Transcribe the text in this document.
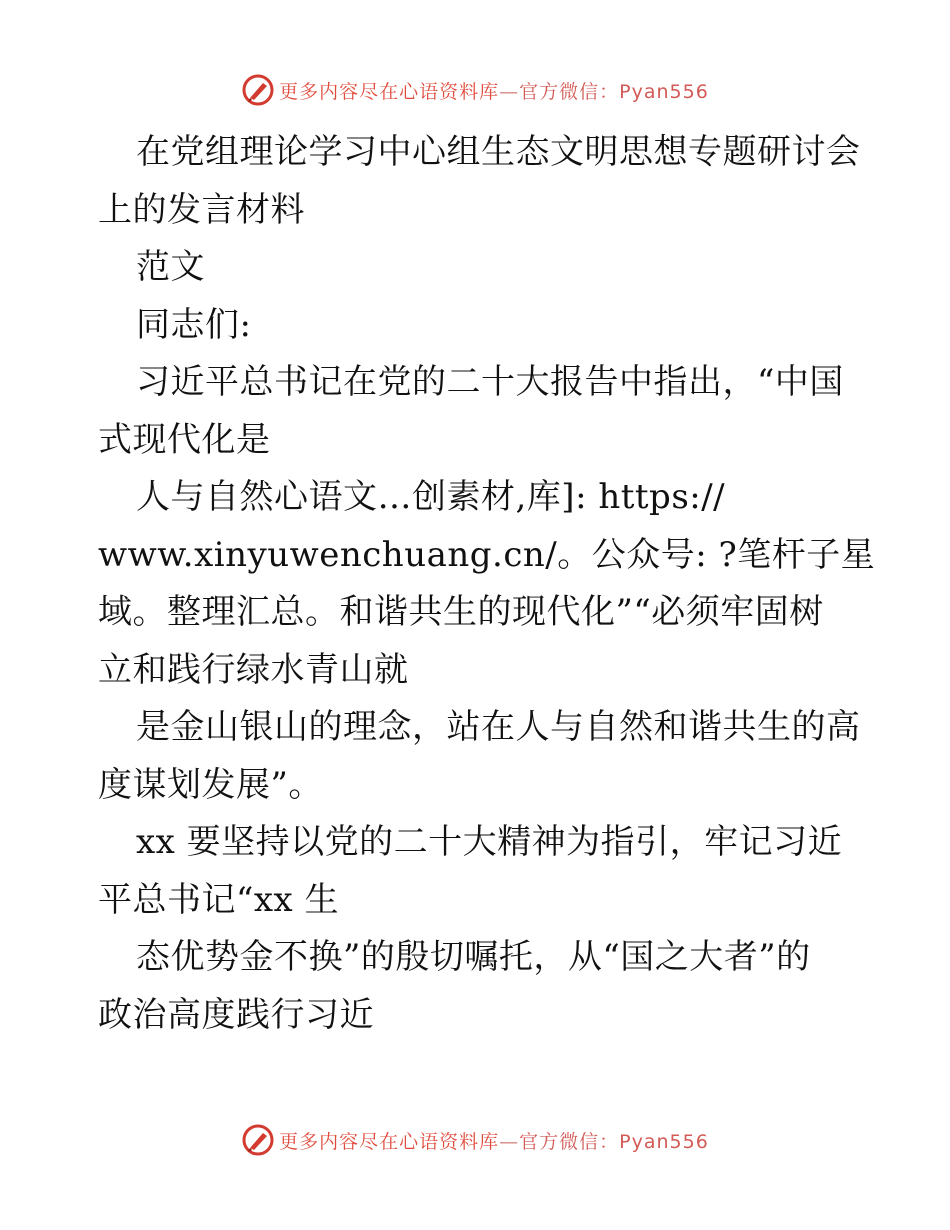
更多内容尽在心语资料库—官方微信：Pyan556
在党组理论学习中心组生态文明思想专题研讨会
上的发言材料
范文
同志们:
习近平总书记在党的二十大报告中指出，“中国
式现代化是
人与自然心语文…创素材,库]: https://
www.xinyuwenchuang.cn/。公众号: ?笔杆子星
域。整理汇总。和谐共生的现代化”“必须牢固树
立和践行绿水青山就
是金山银山的理念，站在人与自然和谐共生的高
度谋划发展”。
xx 要坚持以党的二十大精神为指引，牢记习近
平总书记“xx 生
态优势金不换”的殷切嘱托，从“国之大者”的
政治高度践行习近
更多内容尽在心语资料库—官方微信：Pyan556
